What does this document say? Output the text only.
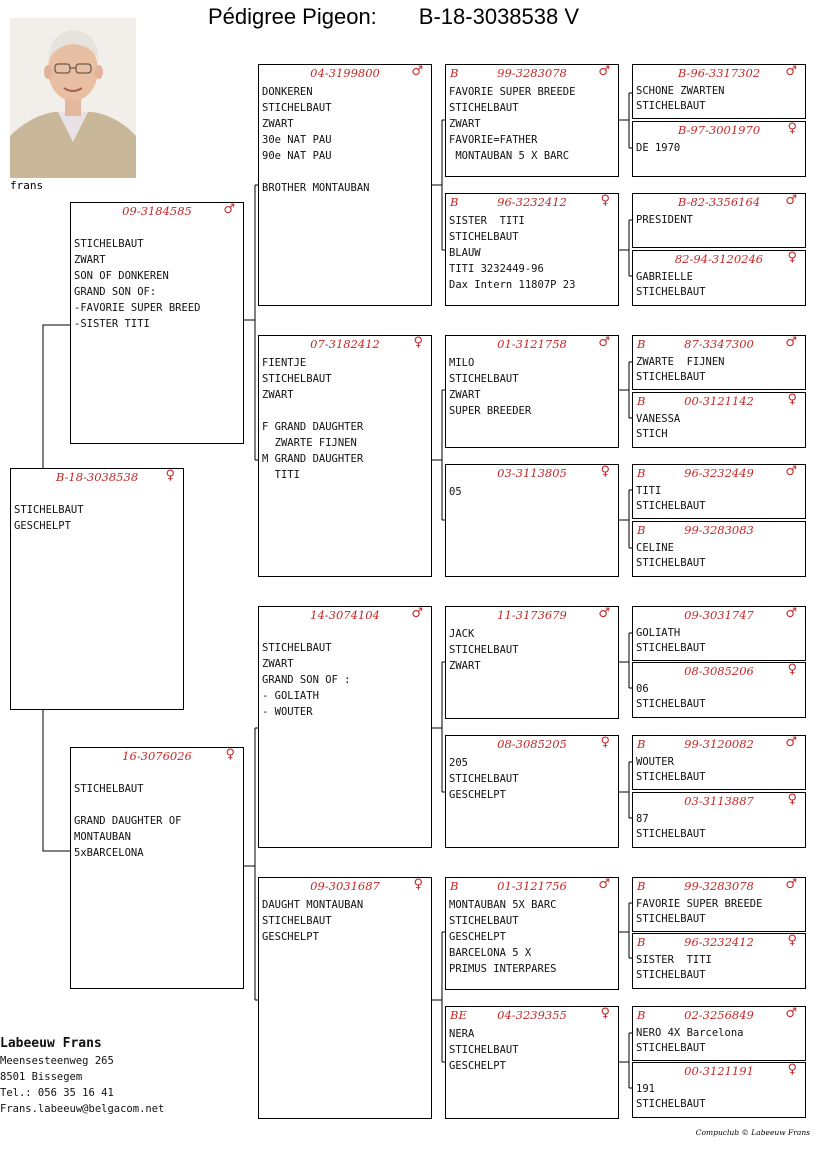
Pédigree Pigeon: B-18-3038538 V
frans
B-18-3038538	♀
STICHELBAUT
GESCHELPT
09-3184585	♂
STICHELBAUT
ZWART
SON OF DONKEREN
GRAND SON OF:
-FAVORIE SUPER BREED
-SISTER TITI
16-3076026	♀
STICHELBAUT

GRAND DAUGHTER OF
MONTAUBAN
5xBARCELONA
04-3199800	♂
DONKEREN
STICHELBAUT
ZWART
30e NAT PAU
90e NAT PAU

BROTHER MONTAUBAN
07-3182412	♀
FIENTJE
STICHELBAUT
ZWART

F GRAND DAUGHTER
ZWARTE FIJNEN
M GRAND DAUGHTER
TITI
14-3074104	♂
STICHELBAUT
ZWART
GRAND SON OF :
- GOLIATH
- WOUTER
09-3031687	♀
DAUGHT MONTAUBAN
STICHELBAUT
GESCHELPT
B	99-3283078	♂
FAVORIE SUPER BREEDE
STICHELBAUT
ZWART
FAVORIE=FATHER
MONTAUBAN 5 X BARC
B	96-3232412	♀
SISTER  TITI
STICHELBAUT
BLAUW
TITI 3232449-96
Dax Intern 11807P 23
01-3121758	♂
MILO
STICHELBAUT
ZWART
SUPER BREEDER
03-3113805	♀
05
11-3173679	♂
JACK
STICHELBAUT
ZWART
08-3085205	♀
205
STICHELBAUT
GESCHELPT
B	01-3121756	♂
MONTAUBAN 5X BARC
STICHELBAUT
GESCHELPT
BARCELONA 5 X
PRIMUS INTERPARES
BE	04-3239355	♀
NERA
STICHELBAUT
GESCHELPT
B-96-3317302	♂
SCHONE ZWARTEN
STICHELBAUT
B-97-3001970	♀
DE 1970
B-82-3356164	♂
PRESIDENT
82-94-3120246	♀
GABRIELLE
STICHELBAUT
B	87-3347300	♂
ZWARTE  FIJNEN
STICHELBAUT
B	00-3121142	♀
VANESSA
STICH
B	96-3232449	♂
TITI
STICHELBAUT
B	99-3283083
CELINE
STICHELBAUT
09-3031747	♂
GOLIATH
STICHELBAUT
08-3085206	♀
06
STICHELBAUT
B	99-3120082	♂
WOUTER
STICHELBAUT
03-3113887	♀
87
STICHELBAUT
B	99-3283078	♂
FAVORIE SUPER BREEDE
STICHELBAUT
B	96-3232412	♀
SISTER  TITI
STICHELBAUT
B	02-3256849	♂
NERO 4X Barcelona
STICHELBAUT
00-3121191	♀
191
STICHELBAUT
Labeeuw Frans
Meensesteenweg 265
8501 Bissegem
Tel.: 056 35 16 41
Frans.labeeuw@belgacom.net
Compuclub © Labeeuw Frans
